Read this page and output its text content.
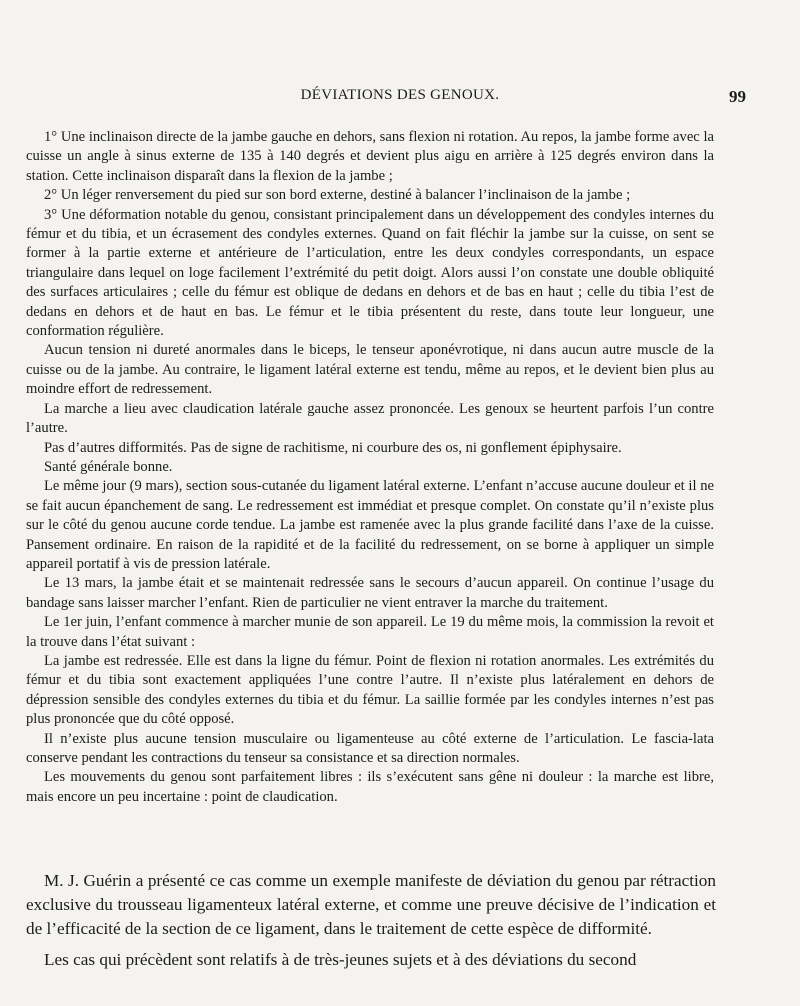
DÉVIATIONS DES GENOUX.	99

1° Une inclinaison directe de la jambe gauche en dehors, sans flexion ni rotation. Au repos, la jambe forme avec la cuisse un angle à sinus externe de 135 à 140 degrés et devient plus aigu en arrière à 125 degrés environ dans la station. Cette inclinaison disparaît dans la flexion de la jambe ;

2° Un léger renversement du pied sur son bord externe, destiné à balancer l’inclinaison de la jambe ;

3° Une déformation notable du genou, consistant principalement dans un développement des condyles internes du fémur et du tibia, et un écrasement des condyles externes. Quand on fait fléchir la jambe sur la cuisse, on sent se former à la partie externe et antérieure de l’articulation, entre les deux condyles correspondants, un espace triangulaire dans lequel on loge facilement l’extrémité du petit doigt. Alors aussi l’on constate une double obliquité des surfaces articulaires ; celle du fémur est oblique de dedans en dehors et de bas en haut ; celle du tibia l’est de dedans en dehors et de haut en bas. Le fémur et le tibia présentent du reste, dans toute leur longueur, une conformation régulière.

Aucun tension ni dureté anormales dans le biceps, le tenseur aponévrotique, ni dans aucun autre muscle de la cuisse ou de la jambe. Au contraire, le ligament latéral externe est tendu, même au repos, et le devient bien plus au moindre effort de redressement.

La marche a lieu avec claudication latérale gauche assez prononcée. Les genoux se heurtent parfois l’un contre l’autre.

Pas d’autres difformités. Pas de signe de rachitisme, ni courbure des os, ni gonflement épiphysaire.

Santé générale bonne.

Le même jour (9 mars), section sous-cutanée du ligament latéral externe. L’enfant n’accuse aucune douleur et il ne se fait aucun épanchement de sang. Le redressement est immédiat et presque complet. On constate qu’il n’existe plus sur le côté du genou aucune corde tendue. La jambe est ramenée avec la plus grande facilité dans l’axe de la cuisse. Pansement ordinaire. En raison de la rapidité et de la facilité du redressement, on se borne à appliquer un simple appareil portatif à vis de pression latérale.

Le 13 mars, la jambe était et se maintenait redressée sans le secours d’aucun appareil. On continue l’usage du bandage sans laisser marcher l’enfant. Rien de particulier ne vient entraver la marche du traitement.

Le 1er juin, l’enfant commence à marcher munie de son appareil. Le 19 du même mois, la commission la revoit et la trouve dans l’état suivant :

La jambe est redressée. Elle est dans la ligne du fémur. Point de flexion ni rotation anormales. Les extrémités du fémur et du tibia sont exactement appliquées l’une contre l’autre. Il n’existe plus latéralement en dehors de dépression sensible des condyles externes du tibia et du fémur. La saillie formée par les condyles internes n’est pas plus prononcée que du côté opposé.

Il n’existe plus aucune tension musculaire ou ligamenteuse au côté externe de l’articulation. Le fascia-lata conserve pendant les contractions du tenseur sa consistance et sa direction normales.

Les mouvements du genou sont parfaitement libres : ils s’exécutent sans gêne ni douleur : la marche est libre, mais encore un peu incertaine : point de claudication.

M. J. Guérin a présenté ce cas comme un exemple manifeste de déviation du genou par rétraction exclusive du trousseau ligamenteux latéral externe, et comme une preuve décisive de l’indication et de l’efficacité de la section de ce ligament, dans le traitement de cette espèce de difformité.

Les cas qui précèdent sont relatifs à de très-jeunes sujets et à des déviations du second
